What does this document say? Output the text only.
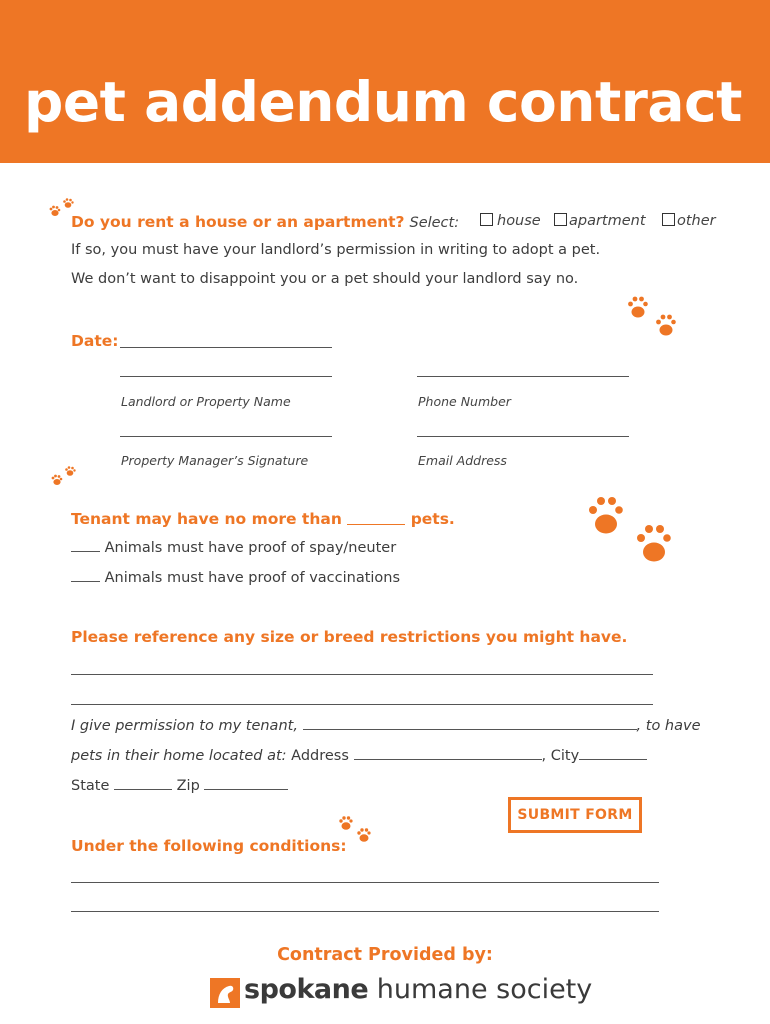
pet addendum contract
Do you rent a house or an apartment? Select:	house	apartment	other
If so, you must have your landlord’s permission in writing to adopt a pet.
We don’t want to disappoint you or a pet should your landlord say no.
Date:
Landlord or Property Name	Phone Number
Property Manager’s Signature	Email Address
Tenant may have no more than	pets.
Animals must have proof of spay/neuter
Animals must have proof of vaccinations
Please reference any size or breed restrictions you might have.
I give permission to my tenant,	, to have
pets in their home located at: Address	, City
State	Zip
SUBMIT FORM
Under the following conditions:
Contract Provided by:
spokane humane society
